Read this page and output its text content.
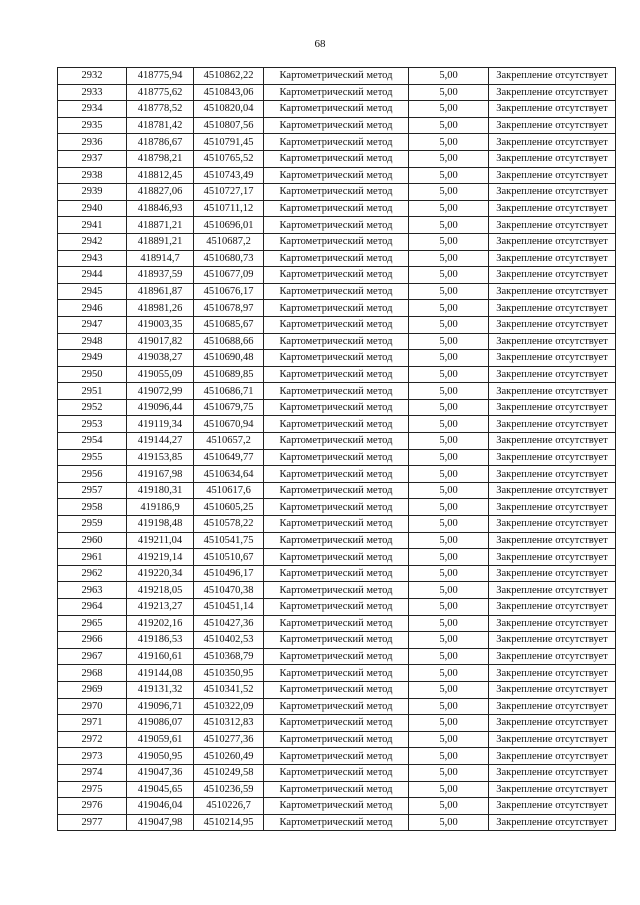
68
2932	418775,94	4510862,22	Картометрический метод	5,00	Закрепление отсутствует
2933	418775,62	4510843,06	Картометрический метод	5,00	Закрепление отсутствует
2934	418778,52	4510820,04	Картометрический метод	5,00	Закрепление отсутствует
2935	418781,42	4510807,56	Картометрический метод	5,00	Закрепление отсутствует
2936	418786,67	4510791,45	Картометрический метод	5,00	Закрепление отсутствует
2937	418798,21	4510765,52	Картометрический метод	5,00	Закрепление отсутствует
2938	418812,45	4510743,49	Картометрический метод	5,00	Закрепление отсутствует
2939	418827,06	4510727,17	Картометрический метод	5,00	Закрепление отсутствует
2940	418846,93	4510711,12	Картометрический метод	5,00	Закрепление отсутствует
2941	418871,21	4510696,01	Картометрический метод	5,00	Закрепление отсутствует
2942	418891,21	4510687,2	Картометрический метод	5,00	Закрепление отсутствует
2943	418914,7	4510680,73	Картометрический метод	5,00	Закрепление отсутствует
2944	418937,59	4510677,09	Картометрический метод	5,00	Закрепление отсутствует
2945	418961,87	4510676,17	Картометрический метод	5,00	Закрепление отсутствует
2946	418981,26	4510678,97	Картометрический метод	5,00	Закрепление отсутствует
2947	419003,35	4510685,67	Картометрический метод	5,00	Закрепление отсутствует
2948	419017,82	4510688,66	Картометрический метод	5,00	Закрепление отсутствует
2949	419038,27	4510690,48	Картометрический метод	5,00	Закрепление отсутствует
2950	419055,09	4510689,85	Картометрический метод	5,00	Закрепление отсутствует
2951	419072,99	4510686,71	Картометрический метод	5,00	Закрепление отсутствует
2952	419096,44	4510679,75	Картометрический метод	5,00	Закрепление отсутствует
2953	419119,34	4510670,94	Картометрический метод	5,00	Закрепление отсутствует
2954	419144,27	4510657,2	Картометрический метод	5,00	Закрепление отсутствует
2955	419153,85	4510649,77	Картометрический метод	5,00	Закрепление отсутствует
2956	419167,98	4510634,64	Картометрический метод	5,00	Закрепление отсутствует
2957	419180,31	4510617,6	Картометрический метод	5,00	Закрепление отсутствует
2958	419186,9	4510605,25	Картометрический метод	5,00	Закрепление отсутствует
2959	419198,48	4510578,22	Картометрический метод	5,00	Закрепление отсутствует
2960	419211,04	4510541,75	Картометрический метод	5,00	Закрепление отсутствует
2961	419219,14	4510510,67	Картометрический метод	5,00	Закрепление отсутствует
2962	419220,34	4510496,17	Картометрический метод	5,00	Закрепление отсутствует
2963	419218,05	4510470,38	Картометрический метод	5,00	Закрепление отсутствует
2964	419213,27	4510451,14	Картометрический метод	5,00	Закрепление отсутствует
2965	419202,16	4510427,36	Картометрический метод	5,00	Закрепление отсутствует
2966	419186,53	4510402,53	Картометрический метод	5,00	Закрепление отсутствует
2967	419160,61	4510368,79	Картометрический метод	5,00	Закрепление отсутствует
2968	419144,08	4510350,95	Картометрический метод	5,00	Закрепление отсутствует
2969	419131,32	4510341,52	Картометрический метод	5,00	Закрепление отсутствует
2970	419096,71	4510322,09	Картометрический метод	5,00	Закрепление отсутствует
2971	419086,07	4510312,83	Картометрический метод	5,00	Закрепление отсутствует
2972	419059,61	4510277,36	Картометрический метод	5,00	Закрепление отсутствует
2973	419050,95	4510260,49	Картометрический метод	5,00	Закрепление отсутствует
2974	419047,36	4510249,58	Картометрический метод	5,00	Закрепление отсутствует
2975	419045,65	4510236,59	Картометрический метод	5,00	Закрепление отсутствует
2976	419046,04	4510226,7	Картометрический метод	5,00	Закрепление отсутствует
2977	419047,98	4510214,95	Картометрический метод	5,00	Закрепление отсутствует
